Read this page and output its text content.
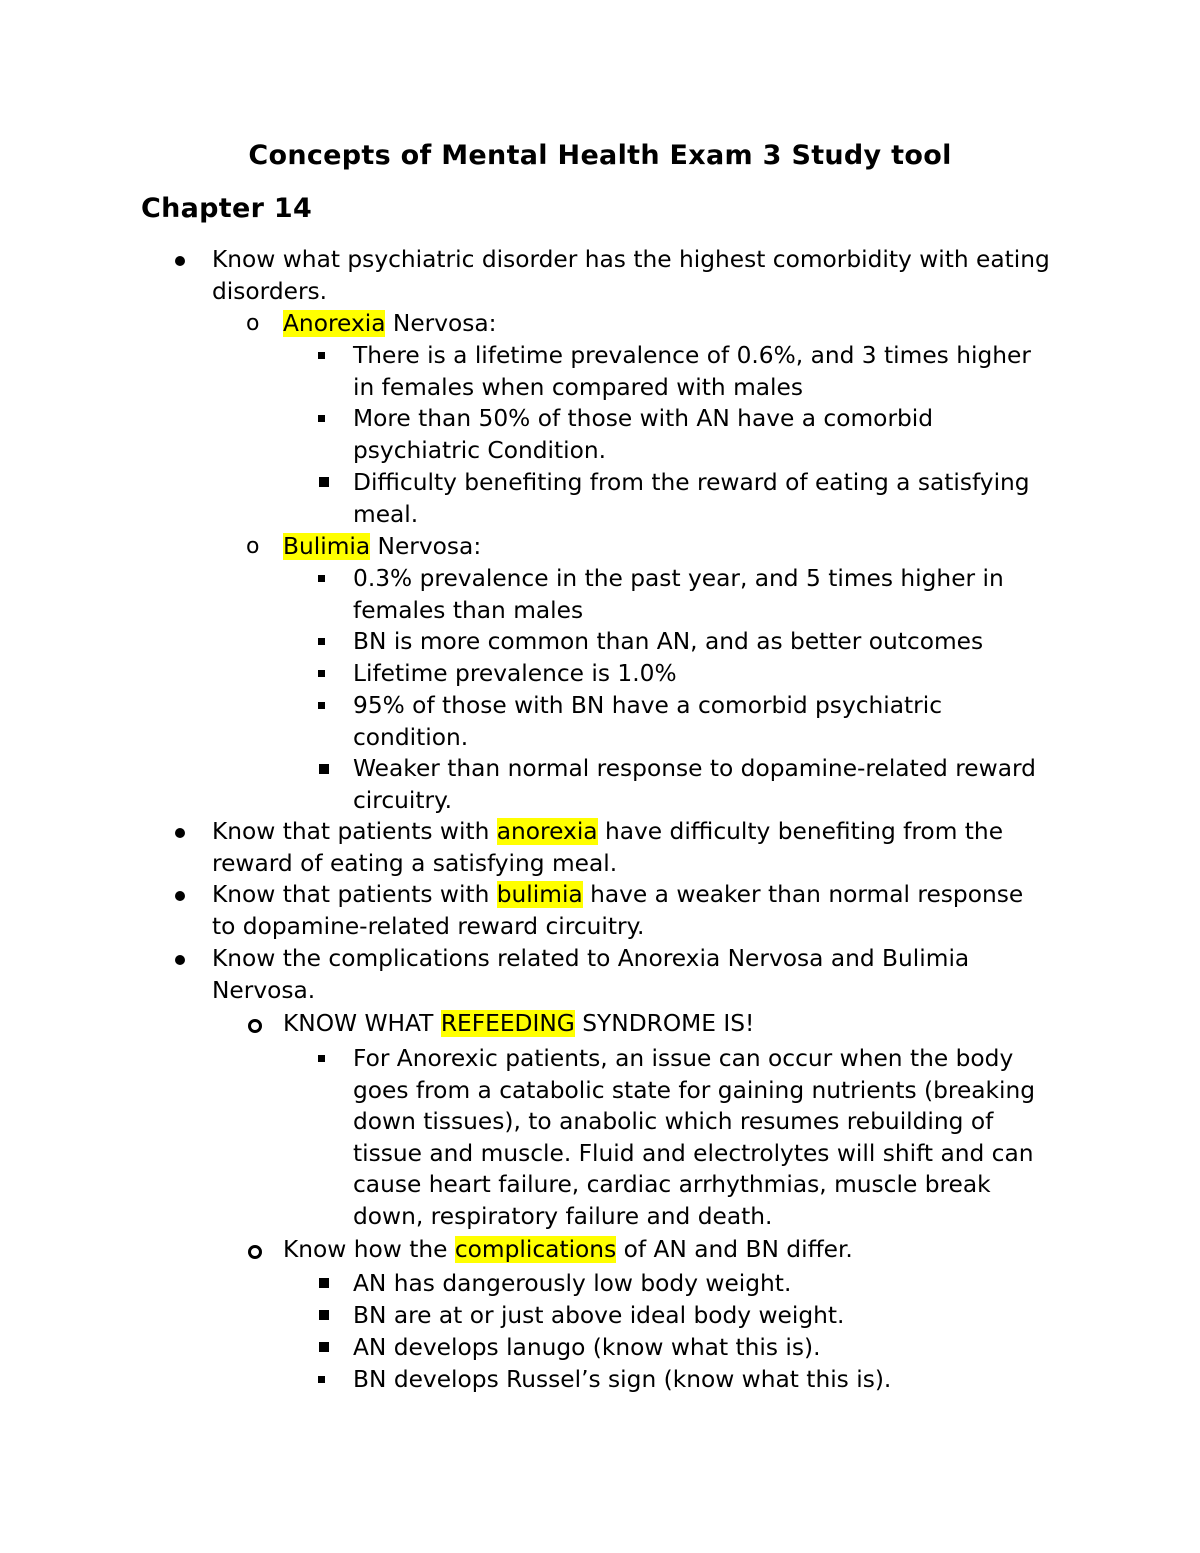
Concepts of Mental Health Exam 3 Study tool
Chapter 14
Know what psychiatric disorder has the highest comorbidity with eating
disorders.
o Anorexia Nervosa:
There is a lifetime prevalence of 0.6%, and 3 times higher
in females when compared with males
More than 50% of those with AN have a comorbid
psychiatric Condition.
Difficulty benefiting from the reward of eating a satisfying
meal.
o Bulimia Nervosa:
0.3% prevalence in the past year, and 5 times higher in
females than males
BN is more common than AN, and as better outcomes
Lifetime prevalence is 1.0%
95% of those with BN have a comorbid psychiatric
condition.
Weaker than normal response to dopamine-related reward
circuitry.
Know that patients with anorexia have difficulty benefiting from the
reward of eating a satisfying meal.
Know that patients with bulimia have a weaker than normal response
to dopamine-related reward circuitry.
Know the complications related to Anorexia Nervosa and Bulimia
Nervosa.
KNOW WHAT REFEEDING SYNDROME IS!
For Anorexic patients, an issue can occur when the body
goes from a catabolic state for gaining nutrients (breaking
down tissues), to anabolic which resumes rebuilding of
tissue and muscle. Fluid and electrolytes will shift and can
cause heart failure, cardiac arrhythmias, muscle break
down, respiratory failure and death.
Know how the complications of AN and BN differ.
AN has dangerously low body weight.
BN are at or just above ideal body weight.
AN develops lanugo (know what this is).
BN develops Russel’s sign (know what this is).
